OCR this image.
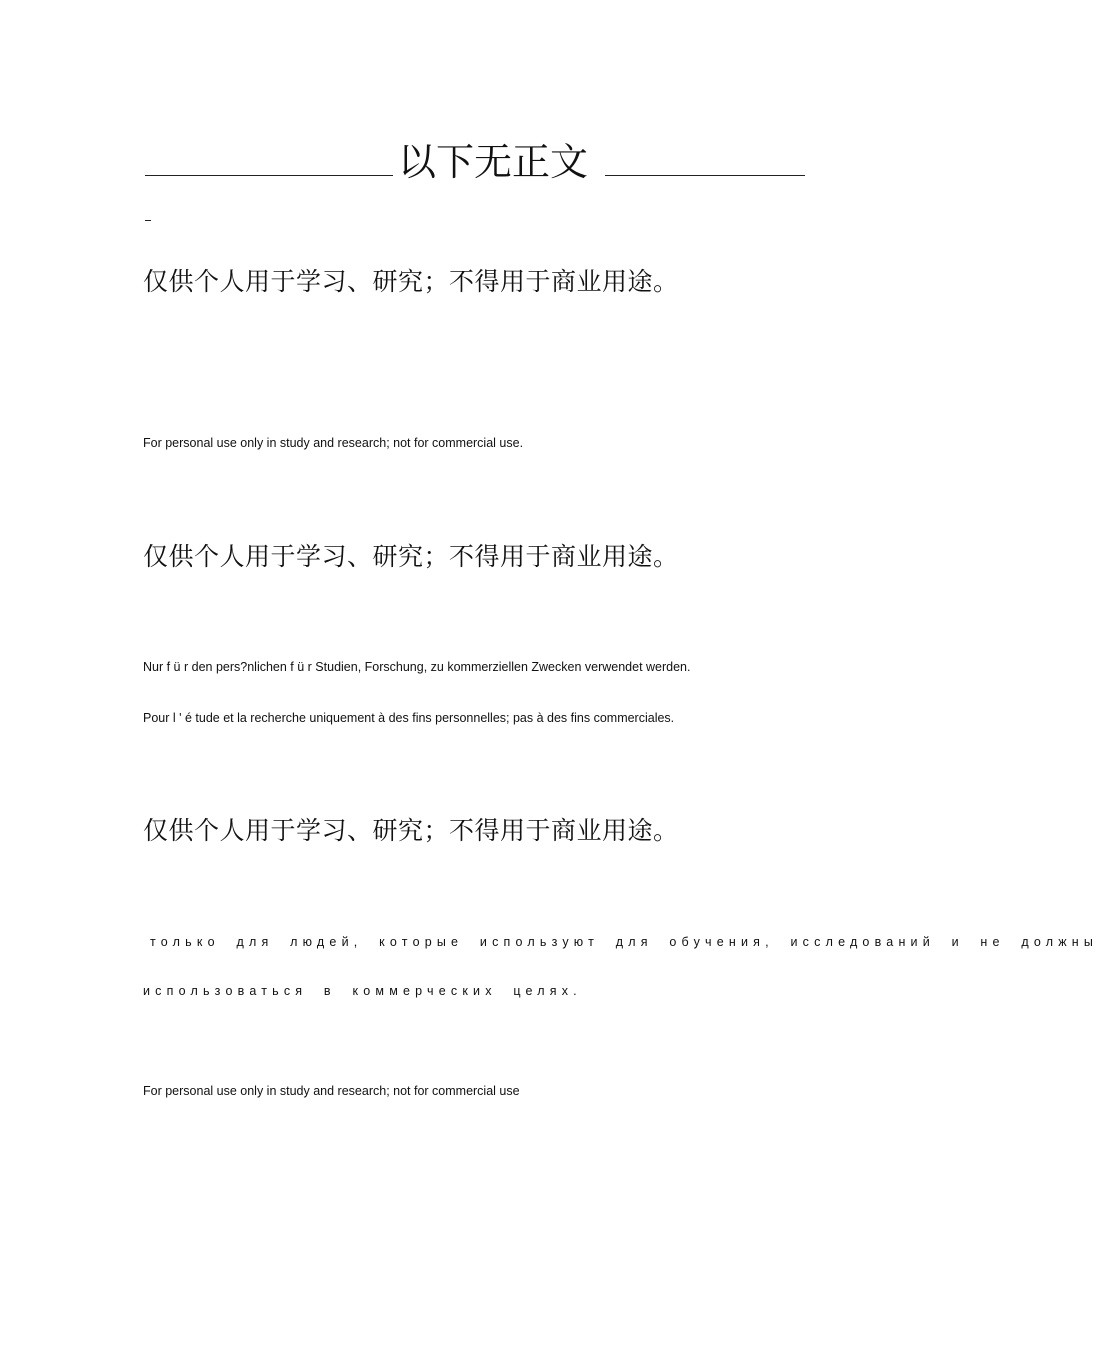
以下无正文
仅供个人用于学习、研究；不得用于商业用途。
For personal use only in study and research; not for commercial use.
仅供个人用于学习、研究；不得用于商业用途。
Nur f ü r den pers?nlichen f ü r Studien, Forschung, zu kommerziellen Zwecken verwendet werden.
Pour l ' é tude et la recherche uniquement à des fins personnelles; pas à des fins commerciales.
仅供个人用于学习、研究；不得用于商业用途。
только для людей, которые используют для обучения, исследований и не должны
использоваться в коммерческих целях.
For personal use only in study and research; not for commercial use
